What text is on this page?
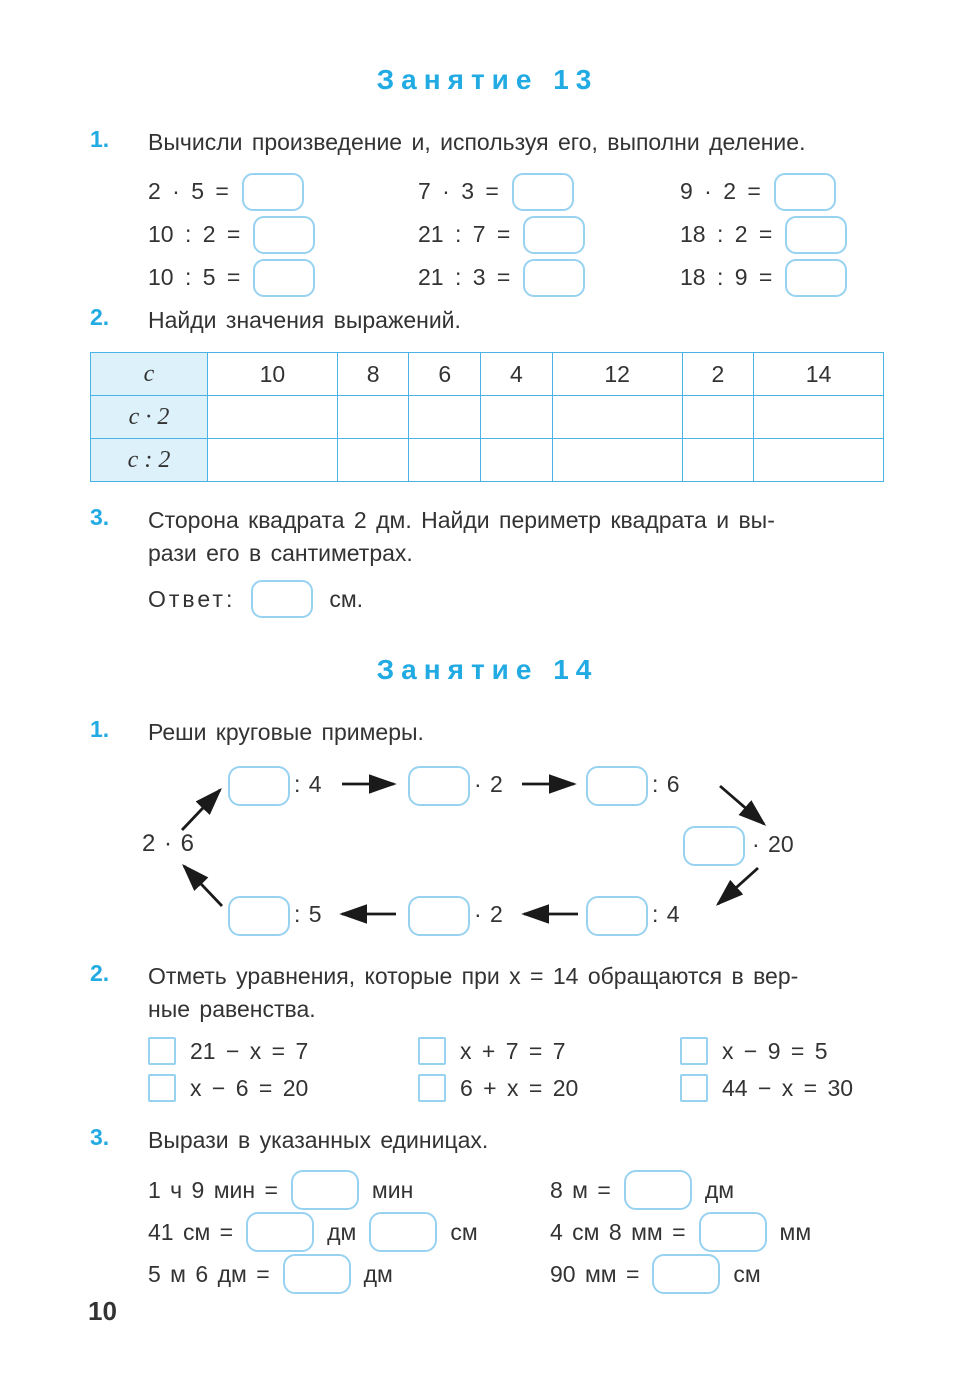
Занятие 13
1.	Вычисли произведение и, используя его, выполни деление.
2 · 5 =	7 · 3 =	9 · 2 =
10 : 2 =	21 : 7 =	18 : 2 =
10 : 5 =	21 : 3 =	18 : 9 =
2.	Найди значения выражений.
с	10	8	6	4	12	2	14
с · 2							
с : 2							
3.	Сторона квадрата 2 дм. Найди периметр квадрата и вы-
рази его в сантиметрах.
Ответ:	см.
Занятие 14
1.	Реши круговые примеры.
2 · 6
: 4	· 2	: 6
· 20
: 5	· 2	: 4
2.	Отметь уравнения, которые при х = 14 обращаются в вер-
ные равенства.
21 − х = 7	х + 7 = 7	х − 9 = 5
х − 6 = 20	6 + х = 20	44 − х = 30
3.	Вырази в указанных единицах.
1 ч 9 мин =	мин	8 м =	дм
41 см =	дм	см	4 см 8 мм =	мм
5 м 6 дм =	дм	90 мм =	см
10
